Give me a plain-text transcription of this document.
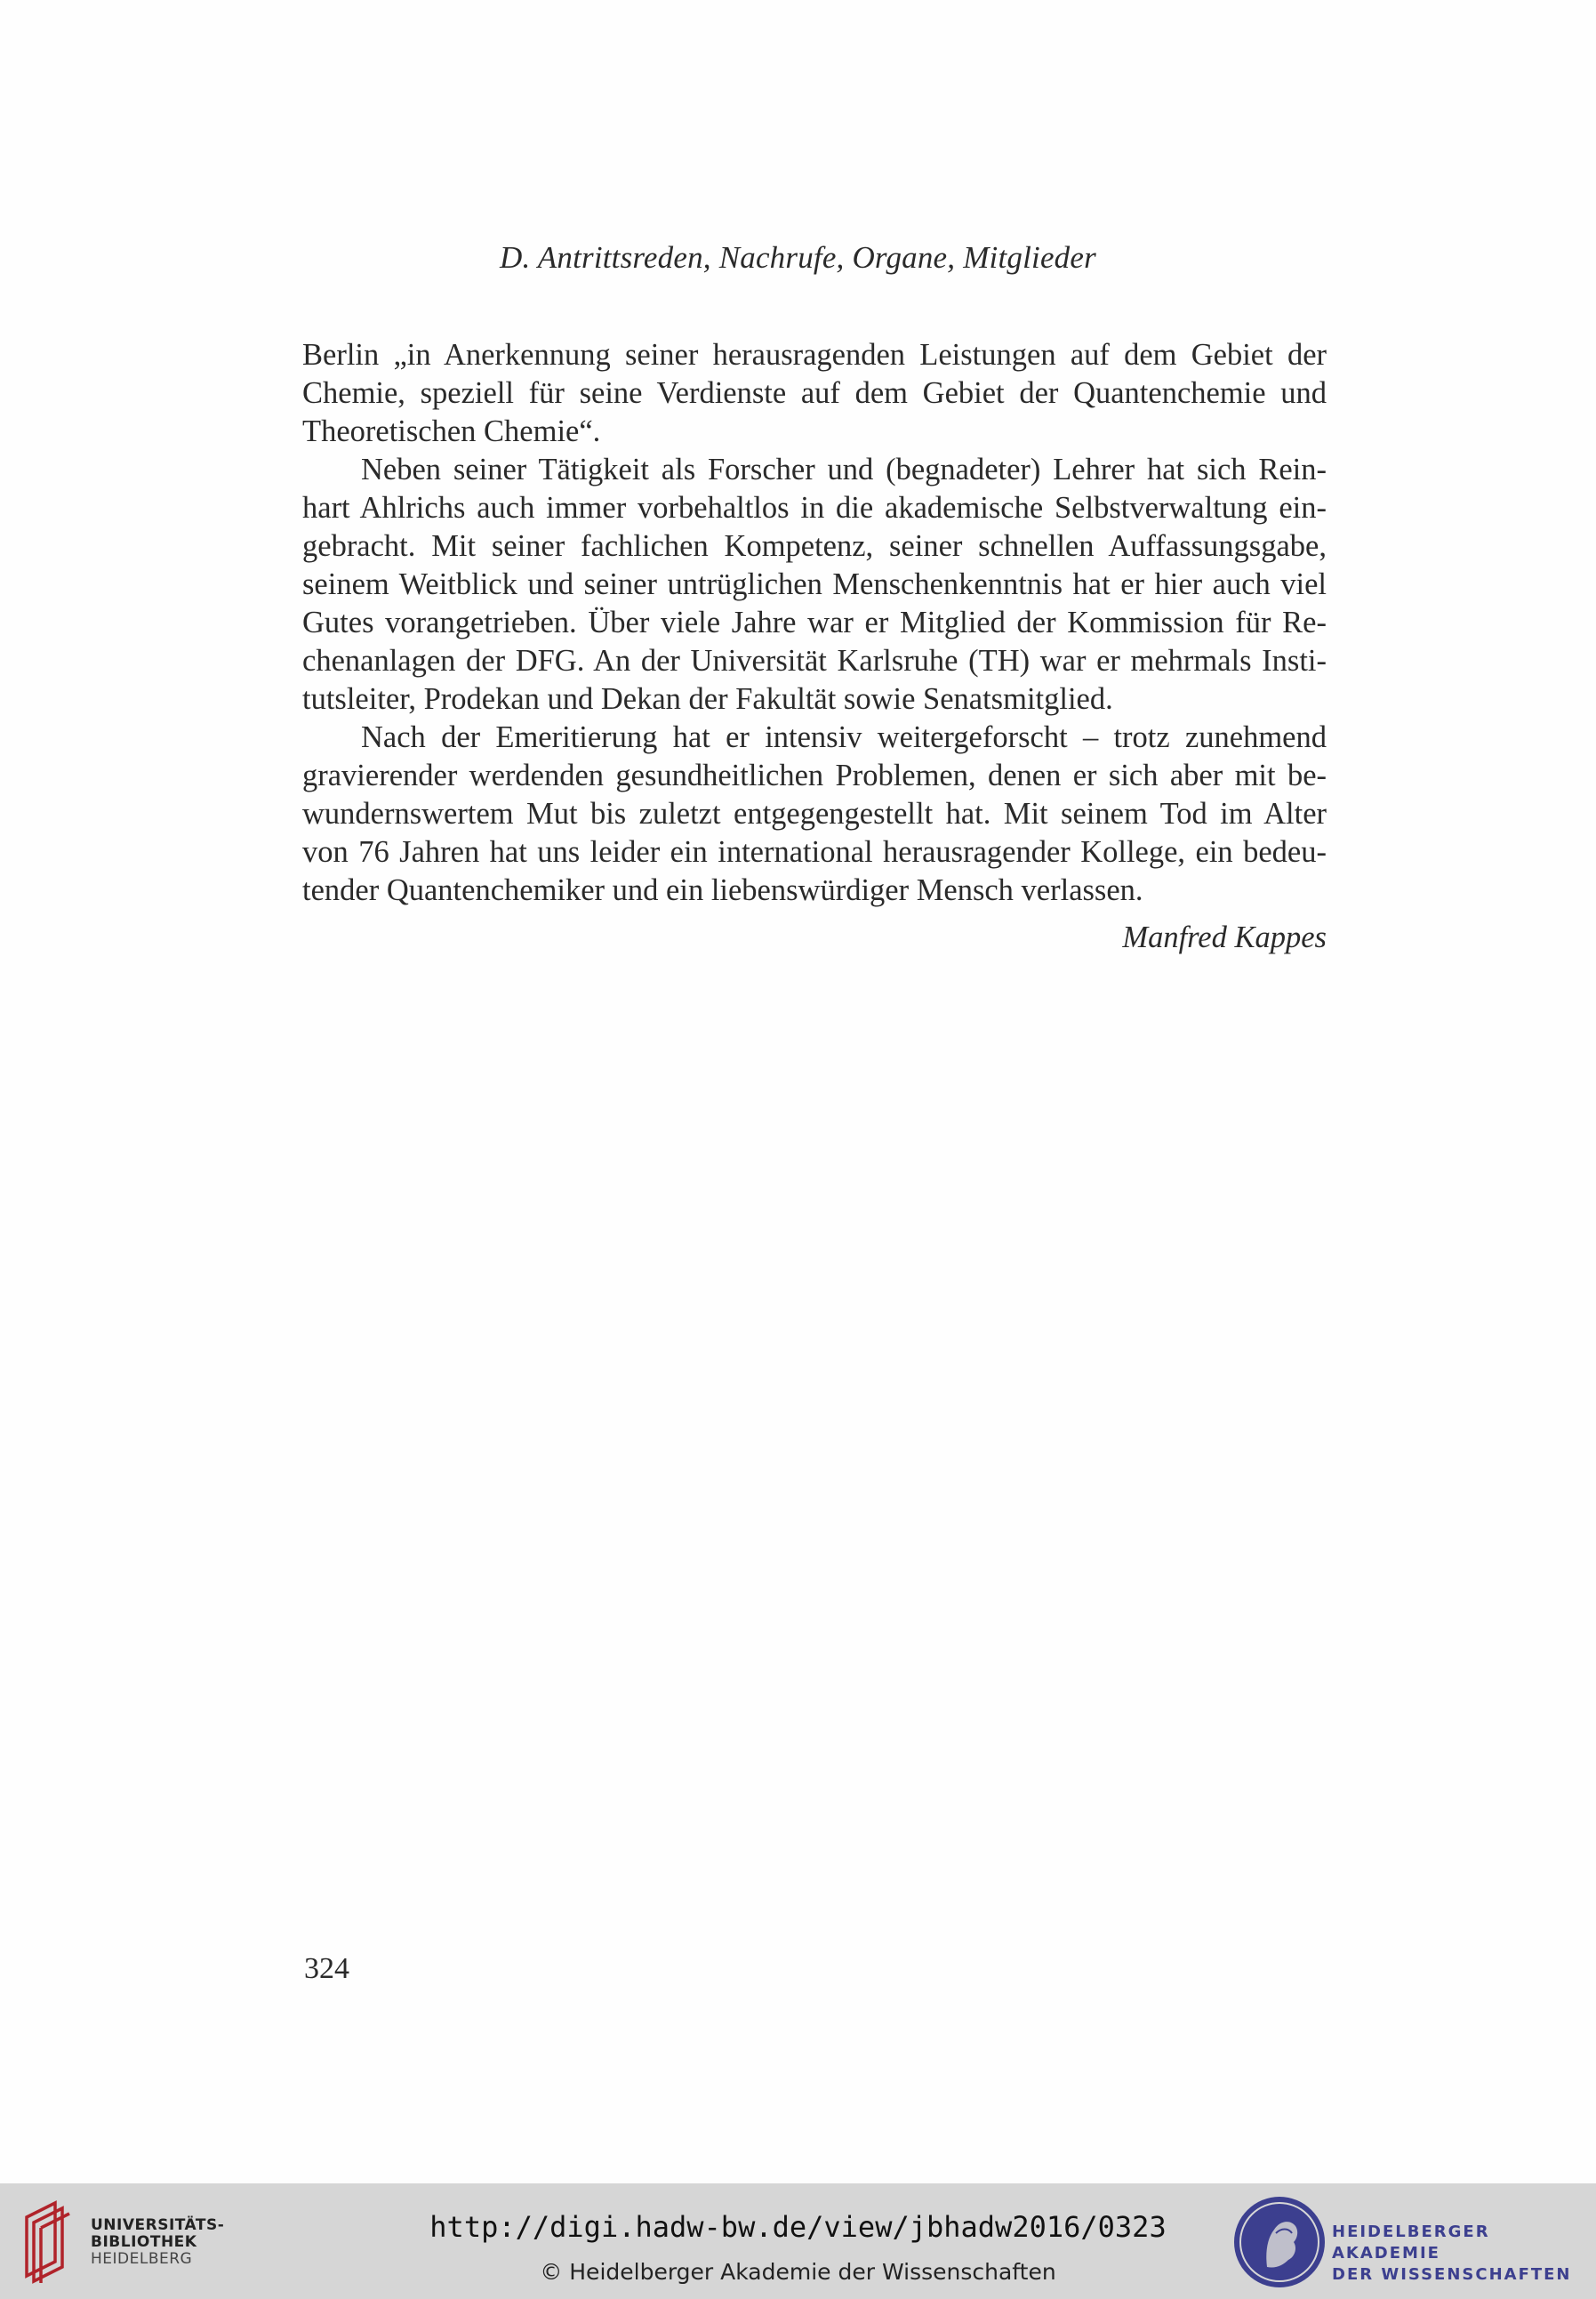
D. Antrittsreden, Nachrufe, Organe, Mitglieder
Berlin „in Anerkennung seiner herausragenden Leistungen auf dem Gebiet der
Chemie, speziell für seine Verdienste auf dem Gebiet der Quantenchemie und
Theoretischen Chemie“.
Neben seiner Tätigkeit als Forscher und (begnadeter) Lehrer hat sich Rein-
hart Ahlrichs auch immer vorbehaltlos in die akademische Selbstverwaltung ein-
gebracht. Mit seiner fachlichen Kompetenz, seiner schnellen Auffassungsgabe,
seinem Weitblick und seiner untrüglichen Menschenkenntnis hat er hier auch viel
Gutes vorangetrieben. Über viele Jahre war er Mitglied der Kommission für Re-
chenanlagen der DFG. An der Universität Karlsruhe (TH) war er mehrmals Insti-
tutsleiter, Prodekan und Dekan der Fakultät sowie Senatsmitglied.
Nach der Emeritierung hat er intensiv weitergeforscht – trotz zunehmend
gravierender werdenden gesundheitlichen Problemen, denen er sich aber mit be-
wundernswertem Mut bis zuletzt entgegengestellt hat. Mit seinem Tod im Alter
von 76 Jahren hat uns leider ein international herausragender Kollege, ein bedeu-
tender Quantenchemiker und ein liebenswürdiger Mensch verlassen.
Manfred Kappes
324
UNIVERSITÄTS-
BIBLIOTHEK
HEIDELBERG
http://digi.hadw-bw.de/view/jbhadw2016/0323
© Heidelberger Akademie der Wissenschaften
HEIDELBERGER AKADEMIE
DER WISSENSCHAFTEN
